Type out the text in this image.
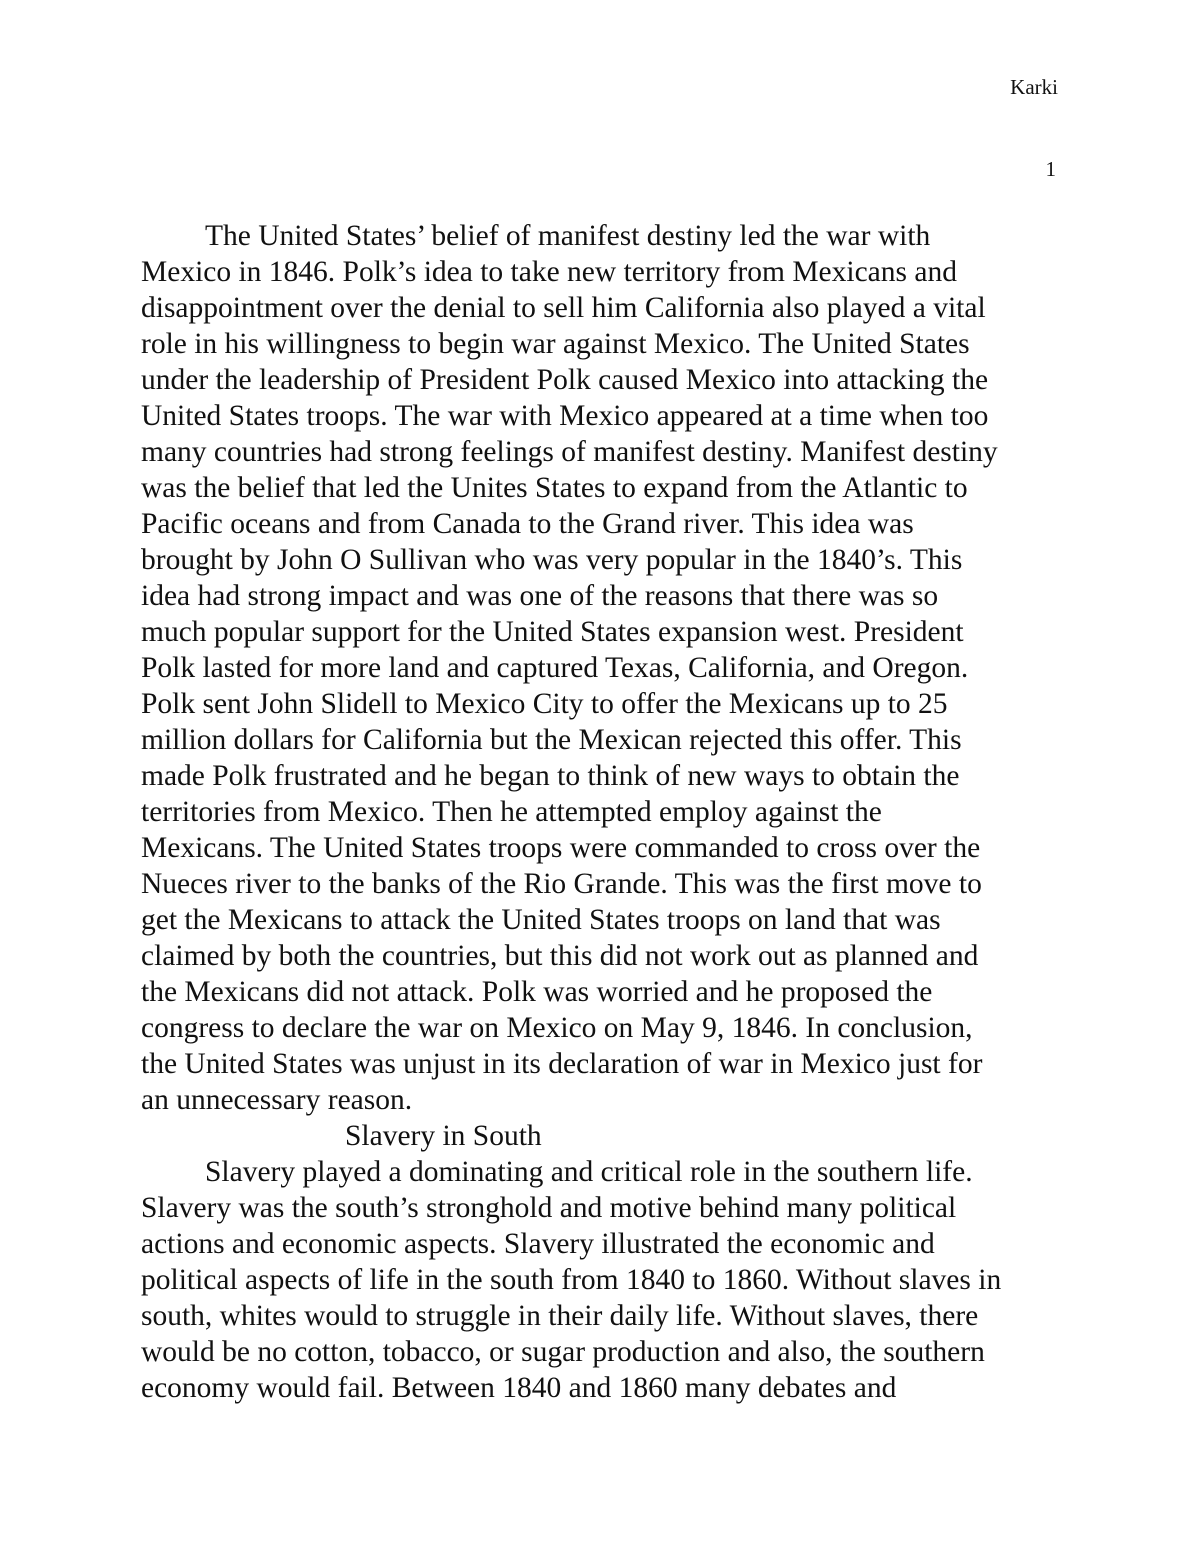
Karki
1
The United States’ belief of manifest destiny led the war with
Mexico in 1846. Polk’s idea to take new territory from Mexicans and
disappointment over the denial to sell him California also played a vital
role in his willingness to begin war against Mexico. The United States
under the leadership of President Polk caused Mexico into attacking the
United States troops. The war with Mexico appeared at a time when too
many countries had strong feelings of manifest destiny. Manifest destiny
was the belief that led the Unites States to expand from the Atlantic to
Pacific oceans and from Canada to the Grand river. This idea was
brought by John O Sullivan who was very popular in the 1840’s. This
idea had strong impact and was one of the reasons that there was so
much popular support for the United States expansion west. President
Polk lasted for more land and captured Texas, California, and Oregon.
Polk sent John Slidell to Mexico City to offer the Mexicans up to 25
million dollars for California but the Mexican rejected this offer. This
made Polk frustrated and he began to think of new ways to obtain the
territories from Mexico. Then he attempted employ against the
Mexicans. The United States troops were commanded to cross over the
Nueces river to the banks of the Rio Grande. This was the first move to
get the Mexicans to attack the United States troops on land that was
claimed by both the countries, but this did not work out as planned and
the Mexicans did not attack. Polk was worried and he proposed the
congress to declare the war on Mexico on May 9, 1846. In conclusion,
the United States was unjust in its declaration of war in Mexico just for
an unnecessary reason.
Slavery in South
Slavery played a dominating and critical role in the southern life.
Slavery was the south’s stronghold and motive behind many political
actions and economic aspects. Slavery illustrated the economic and
political aspects of life in the south from 1840 to 1860. Without slaves in
south, whites would to struggle in their daily life. Without slaves, there
would be no cotton, tobacco, or sugar production and also, the southern
economy would fail. Between 1840 and 1860 many debates and
